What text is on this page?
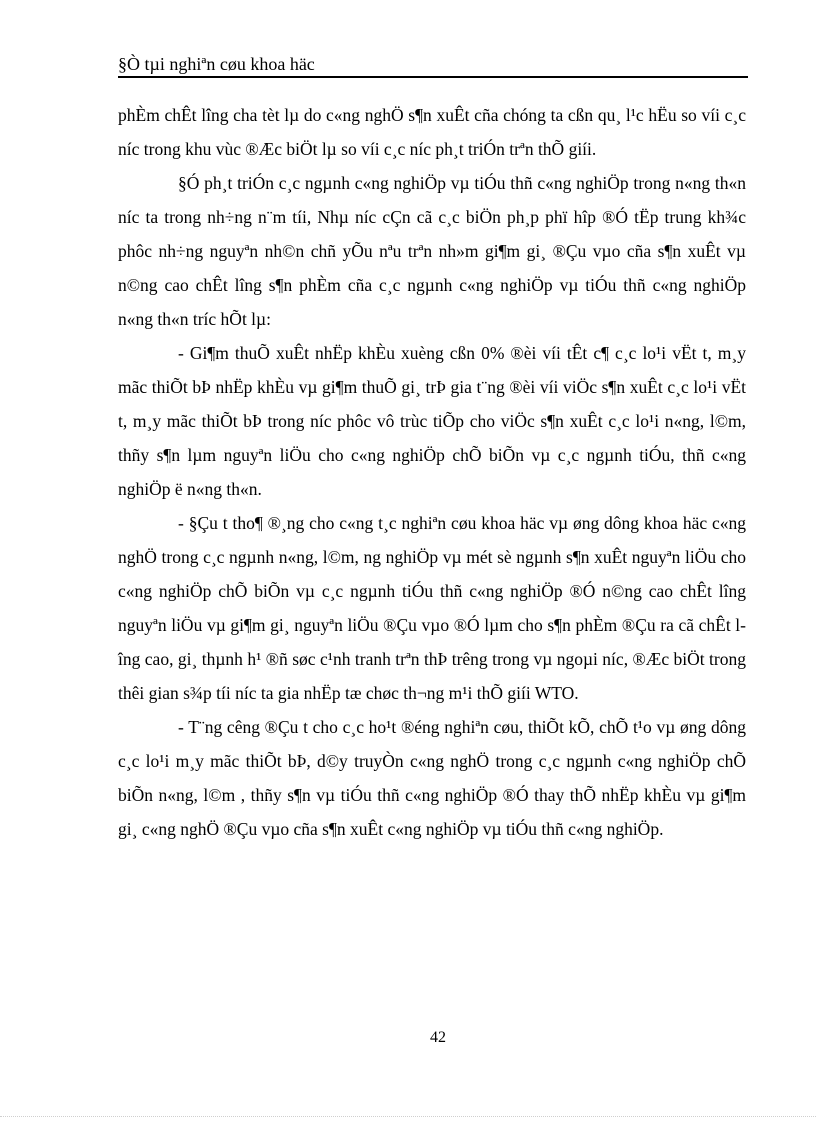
§Ò tµi nghiªn cøu khoa häc

phÈm chÊt lîng cha tèt lµ do c«ng nghÖ s¶n xuÊt cña chóng ta cßn qu¸ l¹c hËu so víi c¸c níc trong khu vùc ®Æc biÖt lµ so víi c¸c níc ph¸t triÓn trªn thÕ giíi.

§Ó ph¸t triÓn c¸c ngµnh c«ng nghiÖp vµ tiÓu thñ c«ng nghiÖp trong n«ng th«n níc ta trong nh÷ng n¨m tíi, Nhµ níc cÇn cã c¸c biÖn ph¸p phï hîp ®Ó tËp trung kh¾c phôc nh÷ng nguyªn nh©n chñ yÕu nªu trªn nh»m gi¶m gi¸ ®Çu vµo cña s¶n xuÊt vµ n©ng cao chÊt lîng s¶n phÈm cña c¸c ngµnh c«ng nghiÖp vµ tiÓu thñ c«ng nghiÖp n«ng th«n tríc hÕt lµ:

- Gi¶m thuÕ xuÊt nhËp khÈu xuèng cßn 0% ®èi víi tÊt c¶ c¸c lo¹i vËt t, m¸y mãc thiÕt bÞ nhËp khÈu vµ gi¶m thuÕ gi¸ trÞ gia t¨ng ®èi víi viÖc s¶n xuÊt c¸c lo¹i vËt t, m¸y mãc thiÕt bÞ trong níc phôc vô trùc tiÕp cho viÖc s¶n xuÊt c¸c lo¹i n«ng, l©m, thñy s¶n lµm nguyªn liÖu cho c«ng nghiÖp chÕ biÕn vµ c¸c ngµnh tiÓu, thñ c«ng nghiÖp ë n«ng th«n.

- §Çu t tho¶ ®¸ng cho c«ng t¸c nghiªn cøu khoa häc vµ øng dông khoa häc c«ng nghÖ trong c¸c ngµnh n«ng, l©m, ng nghiÖp vµ mét sè ngµnh s¶n xuÊt nguyªn liÖu cho c«ng nghiÖp chÕ biÕn vµ c¸c ngµnh tiÓu thñ c«ng nghiÖp ®Ó n©ng cao chÊt lîng nguyªn liÖu vµ gi¶m gi¸ nguyªn liÖu ®Çu vµo ®Ó lµm cho s¶n phÈm ®Çu ra cã chÊt lîng cao, gi¸ thµnh h¹ ®ñ søc c¹nh tranh trªn thÞ trêng trong vµ ngoµi níc, ®Æc biÖt trong thêi gian s¾p tíi níc ta gia nhËp tæ chøc th¬ng m¹i thÕ giíi WTO.

- T¨ng cêng ®Çu t cho c¸c ho¹t ®éng nghiªn cøu, thiÕt kÕ, chÕ t¹o vµ øng dông c¸c lo¹i m¸y mãc thiÕt bÞ, d©y truyÒn c«ng nghÖ trong c¸c ngµnh c«ng nghiÖp chÕ biÕn n«ng, l©m , thñy s¶n vµ tiÓu thñ c«ng nghiÖp ®Ó thay thÕ nhËp khÈu vµ gi¶m gi¸ c«ng nghÖ ®Çu vµo cña s¶n xuÊt c«ng nghiÖp vµ tiÓu thñ c«ng nghiÖp.

42
